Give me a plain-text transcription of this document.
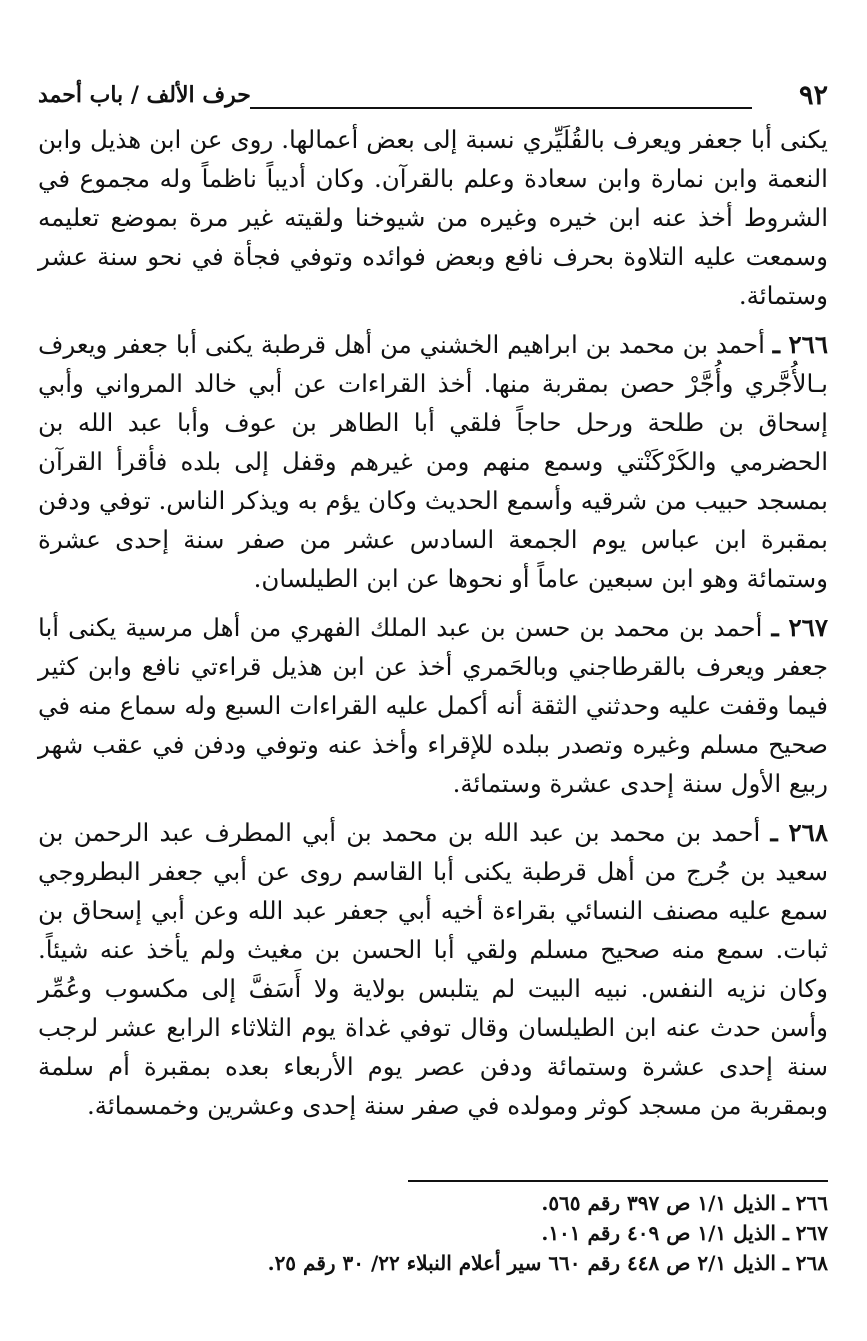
٩٢
حرف الألف / باب أحمد

يكنى أبا جعفر ويعرف بالقُلَيِّري نسبة إلى بعض أعمالها. روى عن ابن هذيل وابن النعمة وابن نمارة وابن سعادة وعلم بالقرآن. وكان أديباً ناظماً وله مجموع في الشروط أخذ عنه ابن خيره وغيره من شيوخنا ولقيته غير مرة بموضع تعليمه وسمعت عليه التلاوة بحرف نافع وبعض فوائده وتوفي فجأة في نحو سنة عشر وستمائة.

٢٦٦ ـ أحمد بن محمد بن ابراهيم الخشني من أهل قرطبة يكنى أبا جعفر ويعرف بـالأُجَّري وأُجَّرْ حصن بمقربة منها. أخذ القراءات عن أبي خالد المرواني وأبي إسحاق بن طلحة ورحل حاجاً فلقي أبا الطاهر بن عوف وأبا عبد الله بن الحضرمي والكَرْكَنْتي وسمع منهم ومن غيرهم وقفل إلى بلده فأقرأ القرآن بمسجد حبيب من شرقيه وأسمع الحديث وكان يؤم به ويذكر الناس. توفي ودفن بمقبرة ابن عباس يوم الجمعة السادس عشر من صفر سنة إحدى عشرة وستمائة وهو ابن سبعين عاماً أو نحوها عن ابن الطيلسان.

٢٦٧ ـ أحمد بن محمد بن حسن بن عبد الملك الفهري من أهل مرسية يكنى أبا جعفر ويعرف بالقرطاجني وبالحَمري أخذ عن ابن هذيل قراءتي نافع وابن كثير فيما وقفت عليه وحدثني الثقة أنه أكمل عليه القراءات السبع وله سماع منه في صحيح مسلم وغيره وتصدر ببلده للإقراء وأخذ عنه وتوفي ودفن في عقب شهر ربيع الأول سنة إحدى عشرة وستمائة.

٢٦٨ ـ أحمد بن محمد بن عبد الله بن محمد بن أبي المطرف عبد الرحمن بن سعيد بن جُرج من أهل قرطبة يكنى أبا القاسم روى عن أبي جعفر البطروجي سمع عليه مصنف النسائي بقراءة أخيه أبي جعفر عبد الله وعن أبي إسحاق بن ثبات. سمع منه صحيح مسلم ولقي أبا الحسن بن مغيث ولم يأخذ عنه شيئاً. وكان نزيه النفس. نبيه البيت لم يتلبس بولاية ولا أَسَفَّ إلى مكسوب وعُمِّر وأسن حدث عنه ابن الطيلسان وقال توفي غداة يوم الثلاثاء الرابع عشر لرجب سنة إحدى عشرة وستمائة ودفن عصر يوم الأربعاء بعده بمقبرة أم سلمة وبمقربة من مسجد كوثر ومولده في صفر سنة إحدى وعشرين وخمسمائة.

٢٦٦ ـ الذيل ١/١ ص ٣٩٧ رقم ٥٦٥.
٢٦٧ ـ الذيل ١/١ ص ٤٠٩ رقم ١٠١.
٢٦٨ ـ الذيل ٢/١ ص ٤٤٨ رقم ٦٦٠ سير أعلام النبلاء ٢٢/ ٣٠ رقم ٢٥.
